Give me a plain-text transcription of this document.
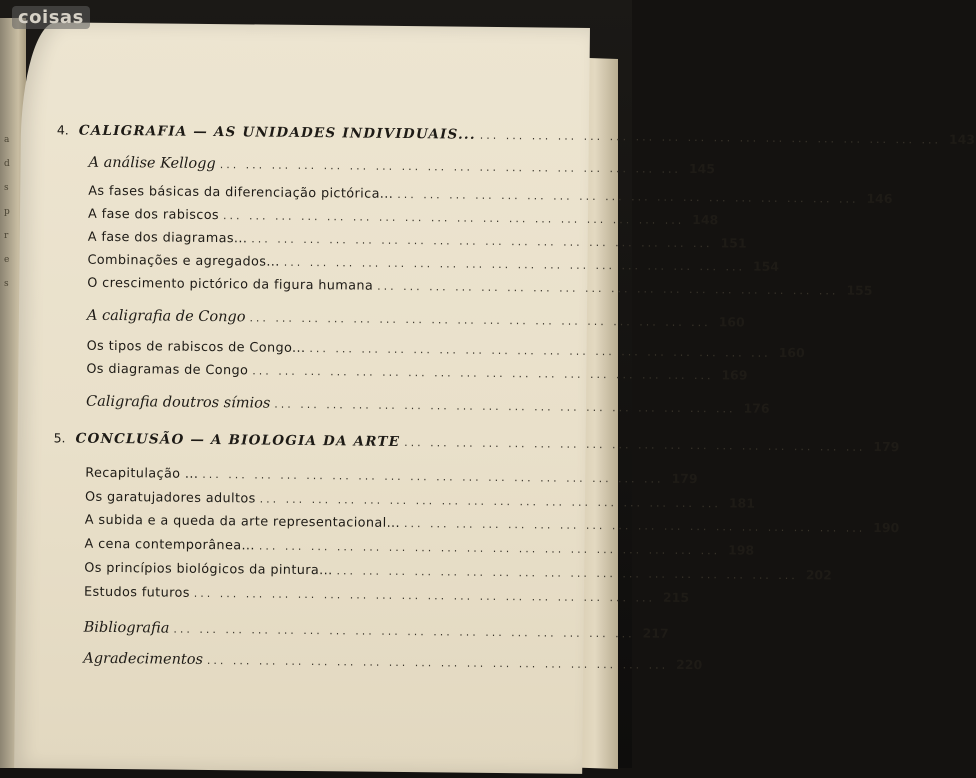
a
d
s
p
r
e
s
4. CALIGRAFIA — AS UNIDADES INDIVIDUAIS... ... ... ... ... ... ... ... ... ... ... ... ... ... ... ... ... ... ... 143
A análise Kellogg ... ... ... ... ... ... ... ... ... ... ... ... ... ... ... ... ... ... 145
As fases básicas da diferenciação pictórica... ... ... ... ... ... ... ... ... ... ... ... ... ... ... ... ... ... ... 146
A fase dos rabiscos ... ... ... ... ... ... ... ... ... ... ... ... ... ... ... ... ... ... 148
A fase dos diagramas... ... ... ... ... ... ... ... ... ... ... ... ... ... ... ... ... ... ... 151
Combinações e agregados... ... ... ... ... ... ... ... ... ... ... ... ... ... ... ... ... ... ... 154
O crescimento pictórico da figura humana ... ... ... ... ... ... ... ... ... ... ... ... ... ... ... ... ... ... 155
A caligrafia de Congo ... ... ... ... ... ... ... ... ... ... ... ... ... ... ... ... ... ... 160
Os tipos de rabiscos de Congo... ... ... ... ... ... ... ... ... ... ... ... ... ... ... ... ... ... ... 160
Os diagramas de Congo ... ... ... ... ... ... ... ... ... ... ... ... ... ... ... ... ... ... 169
Caligrafia doutros símios ... ... ... ... ... ... ... ... ... ... ... ... ... ... ... ... ... ... 176
5. CONCLUSÃO — A BIOLOGIA DA ARTE ... ... ... ... ... ... ... ... ... ... ... ... ... ... ... ... ... ... 179
Recapitulação ... ... ... ... ... ... ... ... ... ... ... ... ... ... ... ... ... ... ... 179
Os garatujadores adultos ... ... ... ... ... ... ... ... ... ... ... ... ... ... ... ... ... ... 181
A subida e a queda da arte representacional... ... ... ... ... ... ... ... ... ... ... ... ... ... ... ... ... ... ... 190
A cena contemporânea... ... ... ... ... ... ... ... ... ... ... ... ... ... ... ... ... ... ... 198
Os princípios biológicos da pintura... ... ... ... ... ... ... ... ... ... ... ... ... ... ... ... ... ... ... 202
Estudos futuros ... ... ... ... ... ... ... ... ... ... ... ... ... ... ... ... ... ... 215
Bibliografia ... ... ... ... ... ... ... ... ... ... ... ... ... ... ... ... ... ... 217
Agradecimentos ... ... ... ... ... ... ... ... ... ... ... ... ... ... ... ... ... ... 220
coisas
